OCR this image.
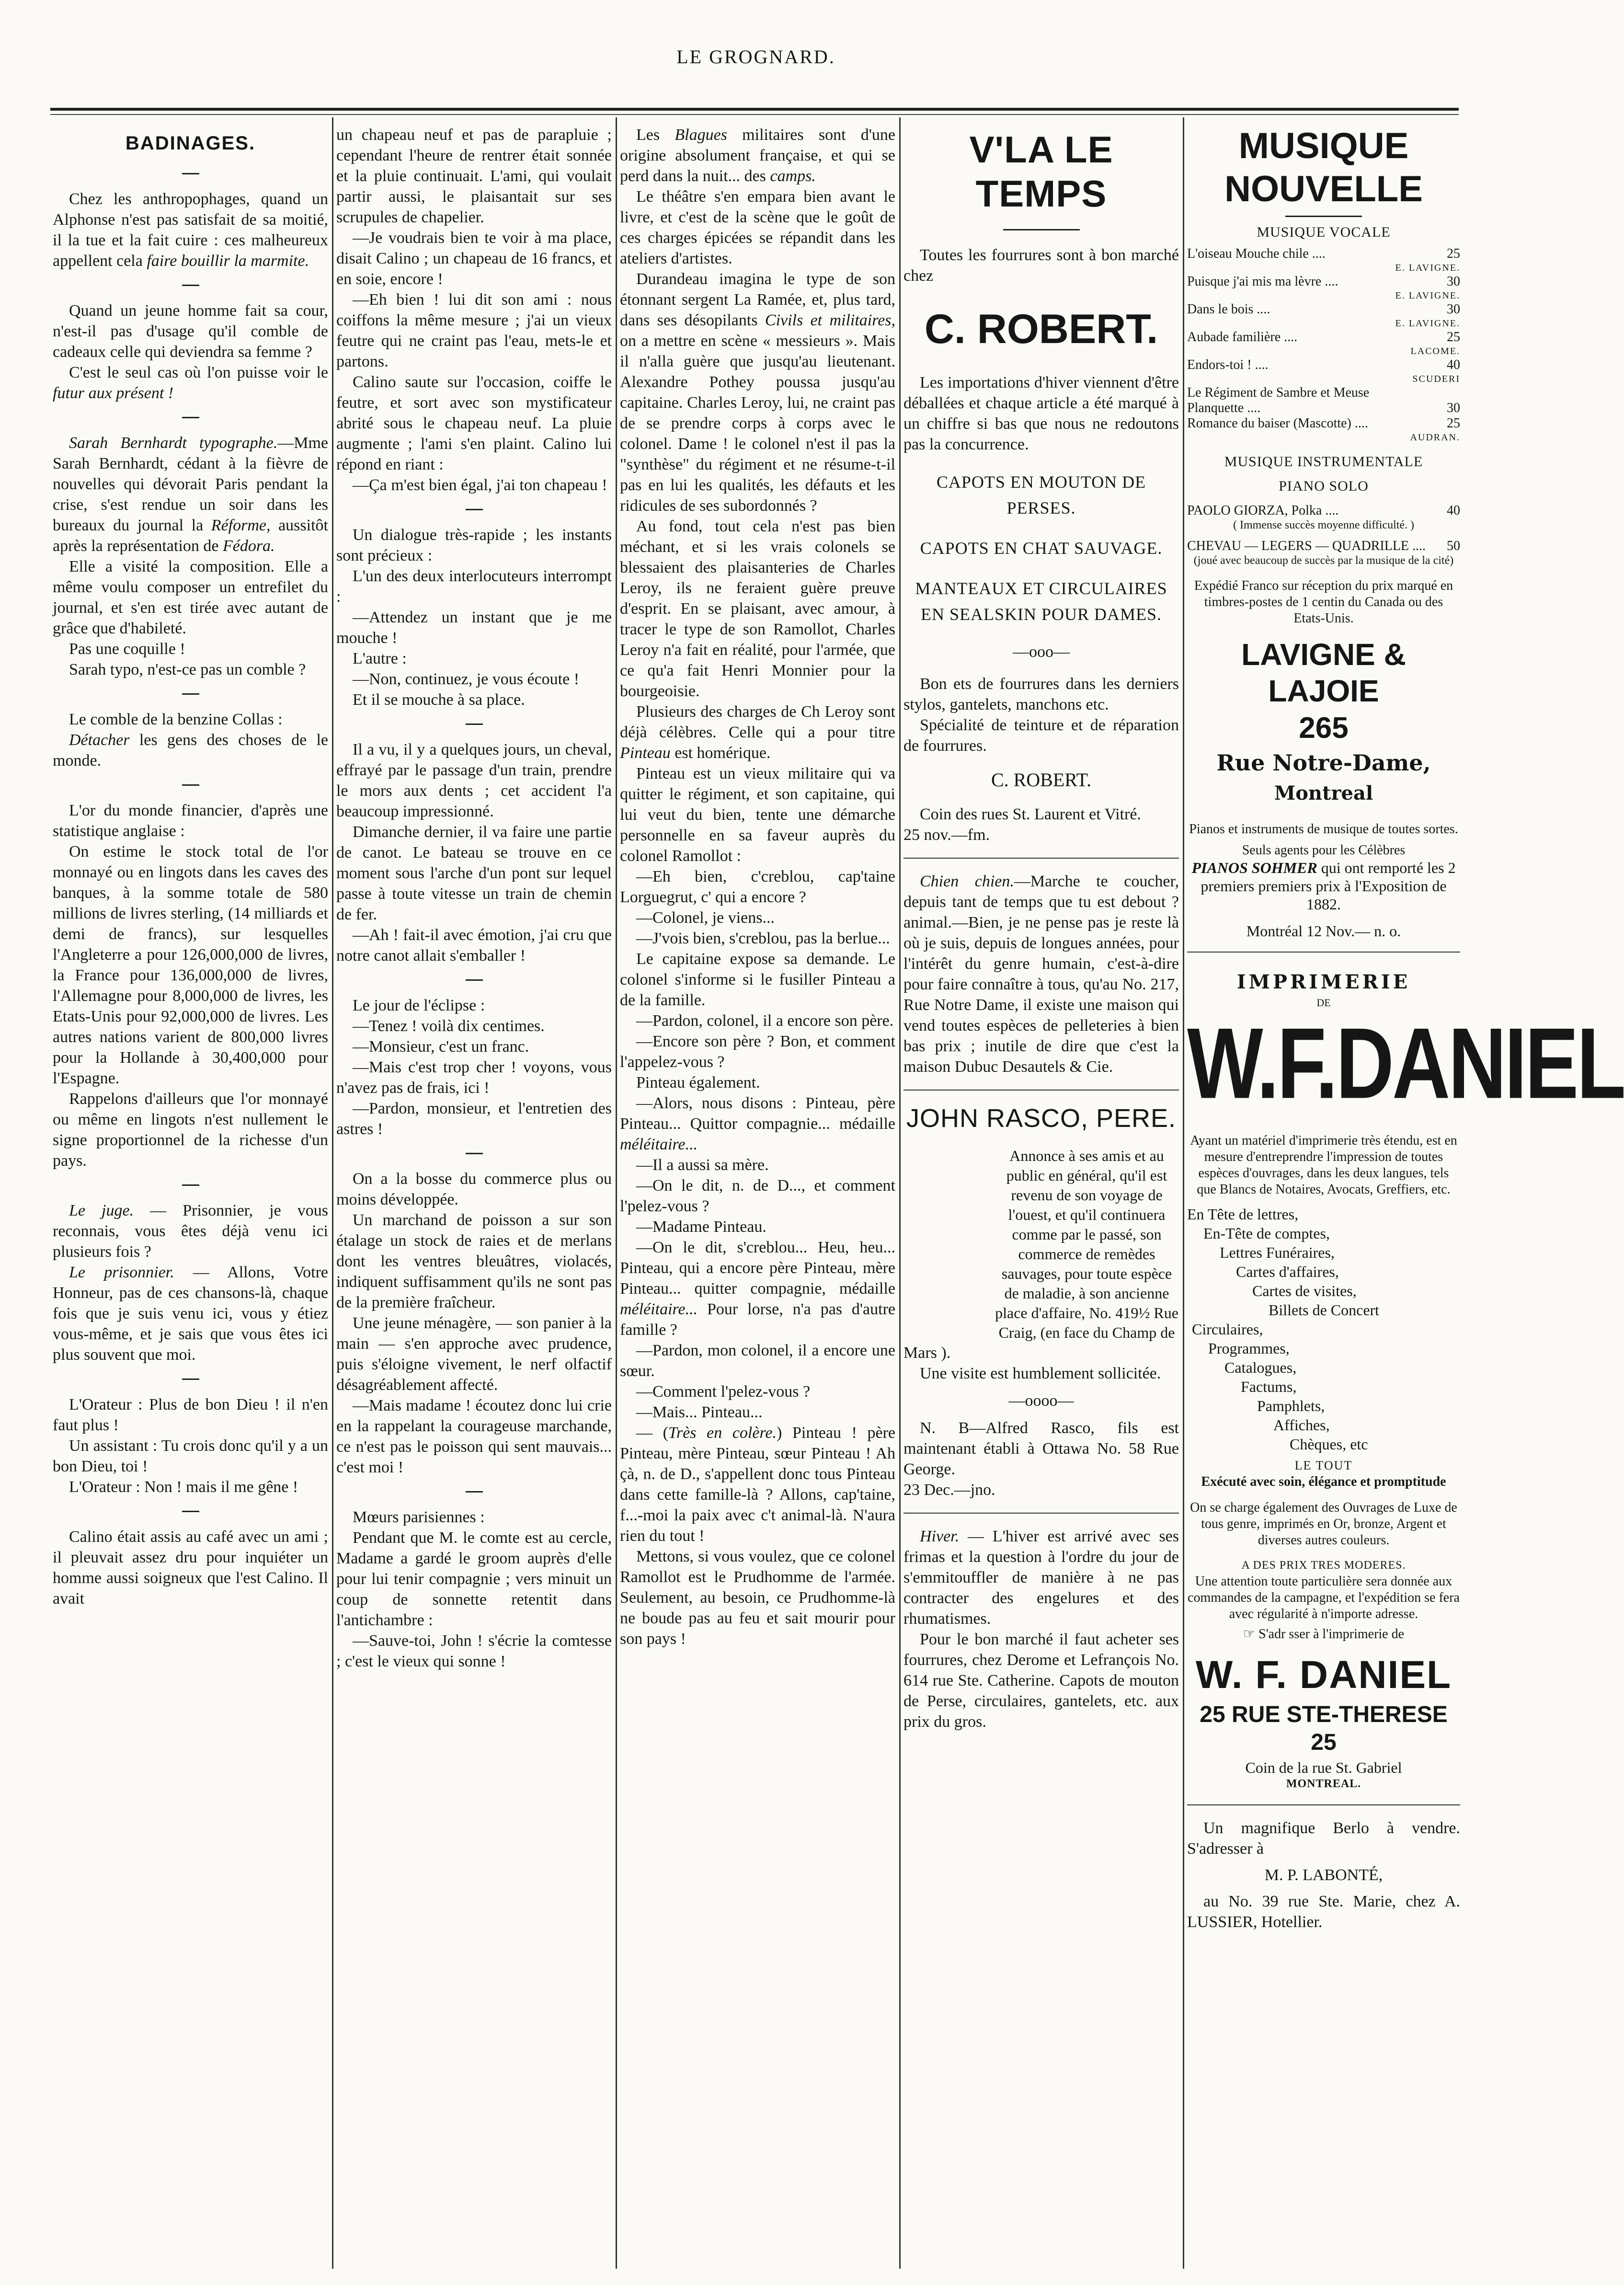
LE GROGNARD.
BADINAGES.

Chez les anthropophages, quand un Alphonse n'est pas satisfait de sa moitié, il la tue et la fait cuire : ces malheureux appellent cela faire bouillir la marmite.

Quand un jeune homme fait sa cour, n'est-il pas d'usage qu'il comble de cadeaux celle qui deviendra sa femme ?

C'est le seul cas où l'on puisse voir le futur aux présent !

Sarah Bernhardt typographe.—Mme Sarah Bernhardt, cédant à la fièvre de nouvelles qui dévorait Paris pendant la crise, s'est rendue un soir dans les bureaux du journal la Réforme, aussitôt après la représentation de Fédora.

Elle a visité la composition. Elle a même voulu composer un entrefilet du journal, et s'en est tirée avec autant de grâce que d'habileté.

Pas une coquille !

Sarah typo, n'est-ce pas un comble ?

Le comble de la benzine Collas :

Détacher les gens des choses de le monde.

L'or du monde financier, d'après une statistique anglaise :

On estime le stock total de l'or monnayé ou en lingots dans les caves des banques, à la somme totale de 580 millions de livres sterling, (14 milliards et demi de francs), sur lesquelles l'Angleterre a pour 126,000,000 de livres, la France pour 136,000,000 de livres, l'Allemagne pour 8,000,000 de livres, les Etats-Unis pour 92,000,000 de livres. Les autres nations varient de 800,000 livres pour la Hollande à 30,400,000 pour l'Espagne.

Rappelons d'ailleurs que l'or monnayé ou même en lingots n'est nullement le signe proportionnel de la richesse d'un pays.

Le juge. — Prisonnier, je vous reconnais, vous êtes déjà venu ici plusieurs fois ?

Le prisonnier. — Allons, Votre Honneur, pas de ces chansons-là, chaque fois que je suis venu ici, vous y étiez vous-même, et je sais que vous êtes ici plus souvent que moi.

L'Orateur : Plus de bon Dieu ! il n'en faut plus !

Un assistant : Tu crois donc qu'il y a un bon Dieu, toi !

L'Orateur : Non ! mais il me gêne !

Calino était assis au café avec un ami ; il pleuvait assez dru pour inquiéter un homme aussi soigneux que l'est Calino. Il avait

un chapeau neuf et pas de parapluie ; cependant l'heure de rentrer était sonnée et la pluie continuait. L'ami, qui voulait partir aussi, le plaisantait sur ses scrupules de chapelier.

—Je voudrais bien te voir à ma place, disait Calino ; un chapeau de 16 francs, et en soie, encore !

—Eh bien ! lui dit son ami : nous coiffons la même mesure ; j'ai un vieux feutre qui ne craint pas l'eau, mets-le et partons.

Calino saute sur l'occasion, coiffe le feutre, et sort avec son mystificateur abrité sous le chapeau neuf. La pluie augmente ; l'ami s'en plaint. Calino lui répond en riant :

—Ça m'est bien égal, j'ai ton chapeau !

Un dialogue très-rapide ; les instants sont précieux :

L'un des deux interlocuteurs interrompt :

—Attendez un instant que je me mouche !

L'autre :

—Non, continuez, je vous écoute !

Et il se mouche à sa place.

Il a vu, il y a quelques jours, un cheval, effrayé par le passage d'un train, prendre le mors aux dents ; cet accident l'a beaucoup impressionné.

Dimanche dernier, il va faire une partie de canot. Le bateau se trouve en ce moment sous l'arche d'un pont sur lequel passe à toute vitesse un train de chemin de fer.

—Ah ! fait-il avec émotion, j'ai cru que notre canot allait s'emballer !

Le jour de l'éclipse :

—Tenez ! voilà dix centimes.

—Monsieur, c'est un franc.

—Mais c'est trop cher ! voyons, vous n'avez pas de frais, ici !

—Pardon, monsieur, et l'entretien des astres !

On a la bosse du commerce plus ou moins développée.

Un marchand de poisson a sur son étalage un stock de raies et de merlans dont les ventres bleuâtres, violacés, indiquent suffisamment qu'ils ne sont pas de la première fraîcheur.

Une jeune ménagère, — son panier à la main — s'en approche avec prudence, puis s'éloigne vivement, le nerf olfactif désagréablement affecté.

—Mais madame ! écoutez donc lui crie en la rappelant la courageuse marchande, ce n'est pas le poisson qui sent mauvais... c'est moi !

Mœurs parisiennes :

Pendant que M. le comte est au cercle, Madame a gardé le groom auprès d'elle pour lui tenir compagnie ; vers minuit un coup de sonnette retentit dans l'antichambre :

—Sauve-toi, John ! s'écrie la comtesse ; c'est le vieux qui sonne !

Les Blagues militaires sont d'une origine absolument française, et qui se perd dans la nuit... des camps.

Le théâtre s'en empara bien avant le livre, et c'est de la scène que le goût de ces charges épicées se répandit dans les ateliers d'artistes.

Durandeau imagina le type de son étonnant sergent La Ramée, et, plus tard, dans ses désopilants Civils et militaires, on a mettre en scène « messieurs ». Mais il n'alla guère que jusqu'au lieutenant. Alexandre Pothey poussa jusqu'au capitaine. Charles Leroy, lui, ne craint pas de se prendre corps à corps avec le colonel. Dame ! le colonel n'est il pas la "synthèse" du régiment et ne résume-t-il pas en lui les qualités, les défauts et les ridicules de ses subordonnés ?

Au fond, tout cela n'est pas bien méchant, et si les vrais colonels se blessaient des plaisanteries de Charles Leroy, ils ne feraient guère preuve d'esprit. En se plaisant, avec amour, à tracer le type de son Ramollot, Charles Leroy n'a fait en réalité, pour l'armée, que ce qu'a fait Henri Monnier pour la bourgeoisie.

Plusieurs des charges de Ch Leroy sont déjà célèbres. Celle qui a pour titre Pinteau est homérique.

Pinteau est un vieux militaire qui va quitter le régiment, et son capitaine, qui lui veut du bien, tente une démarche personnelle en sa faveur auprès du colonel Ramollot :

—Eh bien, c'creblou, cap'taine Lorguegrut, c' qui a encore ?

—Colonel, je viens...

—J'vois bien, s'creblou, pas la berlue...

Le capitaine expose sa demande. Le colonel s'informe si le fusiller Pinteau a de la famille.

—Pardon, colonel, il a encore son père.

—Encore son père ? Bon, et comment l'appelez-vous ?

Pinteau également.

—Alors, nous disons : Pinteau, père Pinteau... Quittor compagnie... médaille méléitaire...

—Il a aussi sa mère.

—On le dit, n. de D..., et comment l'pelez-vous ?

—Madame Pinteau.

—On le dit, s'creblou... Heu, heu... Pinteau, qui a encore père Pinteau, mère Pinteau... quitter compagnie, médaille méléitaire... Pour lorse, n'a pas d'autre famille ?

—Pardon, mon colonel, il a encore une sœur.

—Comment l'pelez-vous ?

—Mais... Pinteau...

— (Très en colère.) Pinteau ! père Pinteau, mère Pinteau, sœur Pinteau ! Ah çà, n. de D., s'appellent donc tous Pinteau dans cette famille-là ? Allons, cap'taine, f...-moi la paix avec c't animal-là. N'aura rien du tout !

Mettons, si vous voulez, que ce colonel Ramollot est le Prudhomme de l'armée. Seulement, au besoin, ce Prudhomme-là ne boude pas au feu et sait mourir pour son pays !

V'LA LE TEMPS

Toutes les fourrures sont à bon marché chez

C. ROBERT.

Les importations d'hiver viennent d'être déballées et chaque article a été marqué à un chiffre si bas que nous ne redoutons pas la concurrence.

CAPOTS EN MOUTON DE PERSES.
CAPOTS EN CHAT SAUVAGE.
MANTEAUX ET CIRCULAIRES EN SEALSKIN POUR DAMES.

—ooo—

Bon ets de fourrures dans les derniers stylos, gantelets, manchons etc.

Spécialité de teinture et de réparation de fourrures.

C. ROBERT.

Coin des rues St. Laurent et Vitré.

25 nov.—fm.

Chien chien.—Marche te coucher, depuis tant de temps que tu est debout ? animal.—Bien, je ne pense pas je reste là où je suis, depuis de longues années, pour l'intérêt du genre humain, c'est-à-dire pour faire connaître à tous, qu'au No. 217, Rue Notre Dame, il existe une maison qui vend toutes espèces de pelleteries à bien bas prix ; inutile de dire que c'est la maison Dubuc Desautels & Cie.

JOHN RASCO, PERE.
Annonce à ses amis et au public en général, qu'il est revenu de son voyage de l'ouest, et qu'il continuera comme par le passé, son commerce de remèdes sauvages, pour toute espèce de maladie, à son ancienne place d'affaire, No. 419½ Rue Craig, (en face du Champ de

Mars ).

Une visite est humblement sollicitée.

—oooo—

N. B—Alfred Rasco, fils est maintenant établi à Ottawa No. 58 Rue George.

23 Dec.—jno.

Hiver. — L'hiver est arrivé avec ses frimas et la question à l'ordre du jour de s'emmitouffler de manière à ne pas contracter des engelures et des rhumatismes.

Pour le bon marché il faut acheter ses fourrures, chez Derome et Lefrançois No. 614 rue Ste. Catherine. Capots de mouton de Perse, circulaires, gantelets, etc. aux prix du gros.

MUSIQUE
NOUVELLE
MUSIQUE VOCALE
L'oiseau Mouche chile ....	25
E. LAVIGNE.
Puisque j'ai mis ma lèvre ....	30
E. LAVIGNE.
Dans le bois ....	30
E. LAVIGNE.
Aubade familière ....	25
LACOME.
Endors-toi ! ....	40
SCUDERI
Le Régiment de Sambre et Meuse
Planquette ....	30
Romance du baiser (Mascotte) ....	25
AUDRAN.
MUSIQUE INSTRUMENTALE
PIANO SOLO
PAOLO GIORZA, Polka ....	40
( Immense succès moyenne difficulté. )
CHEVAU — LEGERS — QUADRILLE .... 50
(joué avec beaucoup de succès par la musique de la cité)

Expédié Franco sur réception du prix marqué en timbres-postes de 1 centin du Canada ou des Etats-Unis.

LAVIGNE & LAJOIE
265
Rue Notre-Dame,
Montreal

Pianos et instruments de musique de toutes sortes.

Seuls agents pour les Célèbres

PIANOS SOHMER qui ont remporté les 2 premiers premiers prix à l'Exposition de 1882.

Montréal 12 Nov.— n. o.

IMPRIMERIE
DE
W.F.DANIEL

Ayant un matériel d'imprimerie très étendu, est en mesure d'entreprendre l'impression de toutes espèces d'ouvrages, dans les deux langues, tels que Blancs de Notaires, Avocats, Greffiers, etc.

En Tête de lettres,
En-Tête de comptes,
Lettres Funéraires,
Cartes d'affaires,
Cartes de visites,
Billets de Concert
Circulaires,
Programmes,
Catalogues,
Factums,
Pamphlets,
Affiches,
Chèques, etc

LE TOUT

Exécuté avec soin, élégance et promptitude

On se charge également des Ouvrages de Luxe de tous genre, imprimés en Or, bronze, Argent et diverses autres couleurs.

A DES PRIX TRES MODERES.

Une attention toute particulière sera donnée aux commandes de la campagne, et l'expédition se fera avec régularité à n'importe adresse.

☞ S'adr sser à l'imprimerie de

W. F. DANIEL
25 RUE STE-THERESE 25

Coin de la rue St. Gabriel

MONTREAL.

Un magnifique Berlo à vendre. S'adresser à

M. P. LABONTÉ,

au No. 39 rue Ste. Marie, chez A. LUSSIER, Hotellier.
